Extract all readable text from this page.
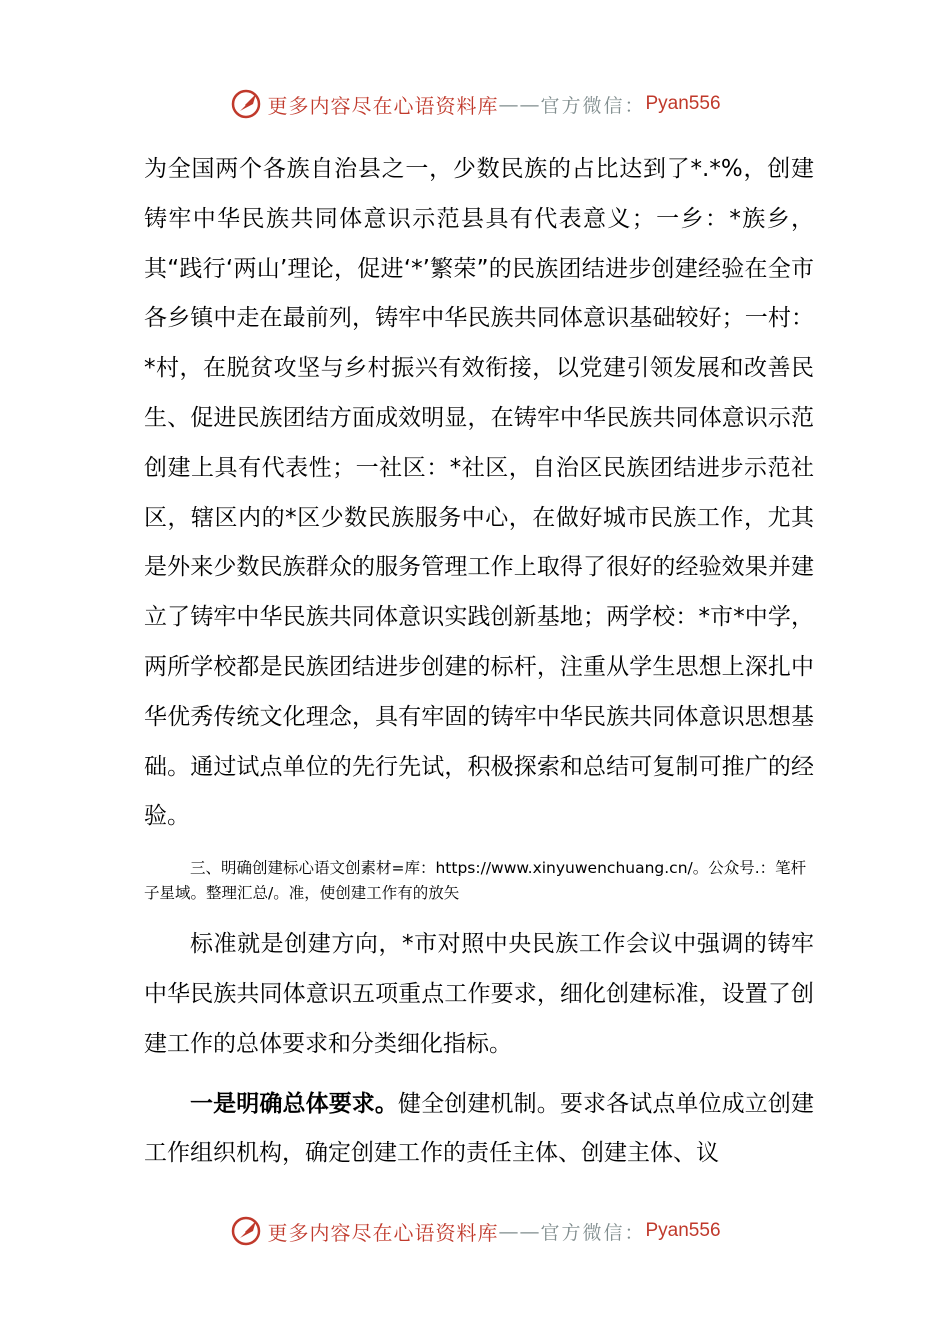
更多内容尽在心语资料库 —— 官方微信： Pyan556

为全国两个各族自治县之一，少数民族的占比达到了*.*%，创建铸牢中华民族共同体意识示范县具有代表意义；一乡：*族乡，其“践行‘两山’理论，促进‘*’繁荣”的民族团结进步创建经验在全市各乡镇中走在最前列，铸牢中华民族共同体意识基础较好；一村：*村，在脱贫攻坚与乡村振兴有效衔接，以党建引领发展和改善民生、促进民族团结方面成效明显，在铸牢中华民族共同体意识示范创建上具有代表性；一社区：*社区，自治区民族团结进步示范社区，辖区内的*区少数民族服务中心，在做好城市民族工作，尤其是外来少数民族群众的服务管理工作上取得了很好的经验效果并建立了铸牢中华民族共同体意识实践创新基地；两学校：*市*中学，两所学校都是民族团结进步创建的标杆，注重从学生思想上深扎中华优秀传统文化理念，具有牢固的铸牢中华民族共同体意识思想基础。通过试点单位的先行先试，积极探索和总结可复制可推广的经验。

三、明确创建标心语文创素材=库：https://www.xinyuwenchuang.cn/。公众号.：笔杆子星域。整理汇总/。准，使创建工作有的放矢

标准就是创建方向，*市对照中央民族工作会议中强调的铸牢中华民族共同体意识五项重点工作要求，细化创建标准，设置了创建工作的总体要求和分类细化指标。

一是明确总体要求。健全创建机制。要求各试点单位成立创建工作组织机构，确定创建工作的责任主体、创建主体、议

更多内容尽在心语资料库 —— 官方微信： Pyan556
